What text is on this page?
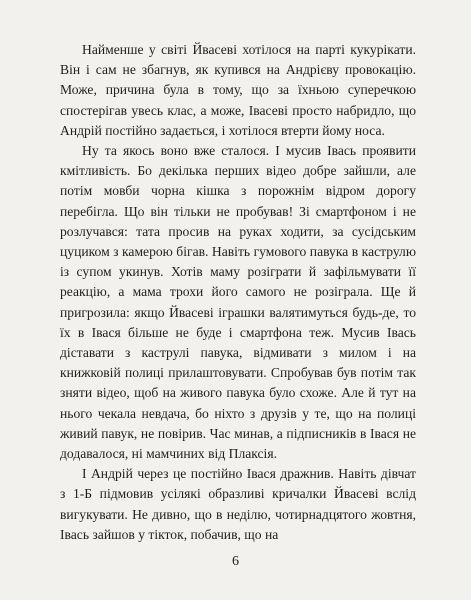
Найменше у світі Йвасеві хотілося на парті кукурікати. Він і сам не збагнув, як купився на Андрієву провокацію. Може, причина була в тому, що за їхньою суперечкою спостерігав увесь клас, а може, Івасеві просто набридло, що Андрій постійно задається, і хотілося втерти йому носа.

Ну та якось воно вже сталося. І мусив Івась проявити кмітливість. Бо декілька перших відео добре зайшли, але потім мовби чорна кішка з порожнім відром дорогу перебігла. Що він тільки не пробував! Зі смартфоном і не розлучався: тата просив на руках ходити, за сусідським цуциком з камерою бігав. Навіть гумового павука в каструлю із супом укинув. Хотів маму розіграти й зафільмувати її реакцію, а мама трохи його самого не розіграла. Ще й пригрозила: якщо Йвасеві іграшки валятимуться будь-де, то їх в Івася більше не буде і смартфона теж. Мусив Івась діставати з каструлі павука, відмивати з милом і на книжковій полиці прилаштовувати. Спробував був потім так зняти відео, щоб на живого павука було схоже. Але й тут на нього чекала невдача, бо ніхто з друзів у те, що на полиці живий павук, не повірив. Час минав, а підписників в Івася не додавалося, ні мамчиних від Плаксія.

І Андрій через це постійно Івася дражнив. Навіть дівчат з 1-Б підмовив усілякі образливі кричалки Йвасеві вслід вигукувати. Не дивно, що в неділю, чотирнадцятого жовтня, Івась зайшов у тікток, побачив, що на

6
